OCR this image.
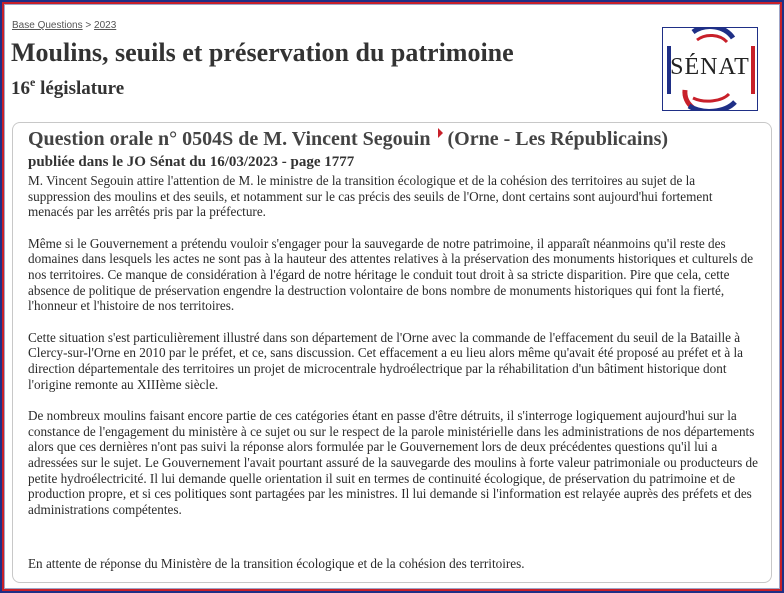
Base Questions > 2023
Moulins, seuils et préservation du patrimoine
16e législature
SÉNAT
Question orale n° 0504S de M. Vincent Segouin (Orne - Les Républicains)
publiée dans le JO Sénat du 16/03/2023 - page 1777

M. Vincent Segouin attire l'attention de M. le ministre de la transition écologique et de la cohésion des territoires au sujet de la suppression des moulins et des seuils, et notamment sur le cas précis des seuils de l'Orne, dont certains sont aujourd'hui fortement menacés par les arrêtés pris par la préfecture.

Même si le Gouvernement a prétendu vouloir s'engager pour la sauvegarde de notre patrimoine, il apparaît néanmoins qu'il reste des domaines dans lesquels les actes ne sont pas à la hauteur des attentes relatives à la préservation des monuments historiques et culturels de nos territoires. Ce manque de considération à l'égard de notre héritage le conduit tout droit à sa stricte disparition. Pire que cela, cette absence de politique de préservation engendre la destruction volontaire de bons nombre de monuments historiques qui font la fierté, l'honneur et l'histoire de nos territoires.

Cette situation s'est particulièrement illustré dans son département de l'Orne avec la commande de l'effacement du seuil de la Bataille à Clercy-sur-l'Orne en 2010 par le préfet, et ce, sans discussion. Cet effacement a eu lieu alors même qu'avait été proposé au préfet et à la direction départementale des territoires un projet de microcentrale hydroélectrique par la réhabilitation d'un bâtiment historique dont l'origine remonte au XIIIème siècle.

De nombreux moulins faisant encore partie de ces catégories étant en passe d'être détruits, il s'interroge logiquement aujourd'hui sur la constance de l'engagement du ministère à ce sujet ou sur le respect de la parole ministérielle dans les administrations de nos départements alors que ces dernières n'ont pas suivi la réponse alors formulée par le Gouvernement lors de deux précédentes questions qu'il lui a adressées sur le sujet. Le Gouvernement l'avait pourtant assuré de la sauvegarde des moulins à forte valeur patrimoniale ou producteurs de petite hydroélectricité. Il lui demande quelle orientation il suit en termes de continuité écologique, de préservation du patrimoine et de production propre, et si ces politiques sont partagées par les ministres. Il lui demande si l'information est relayée auprès des préfets et des administrations compétentes.

En attente de réponse du Ministère de la transition écologique et de la cohésion des territoires.
